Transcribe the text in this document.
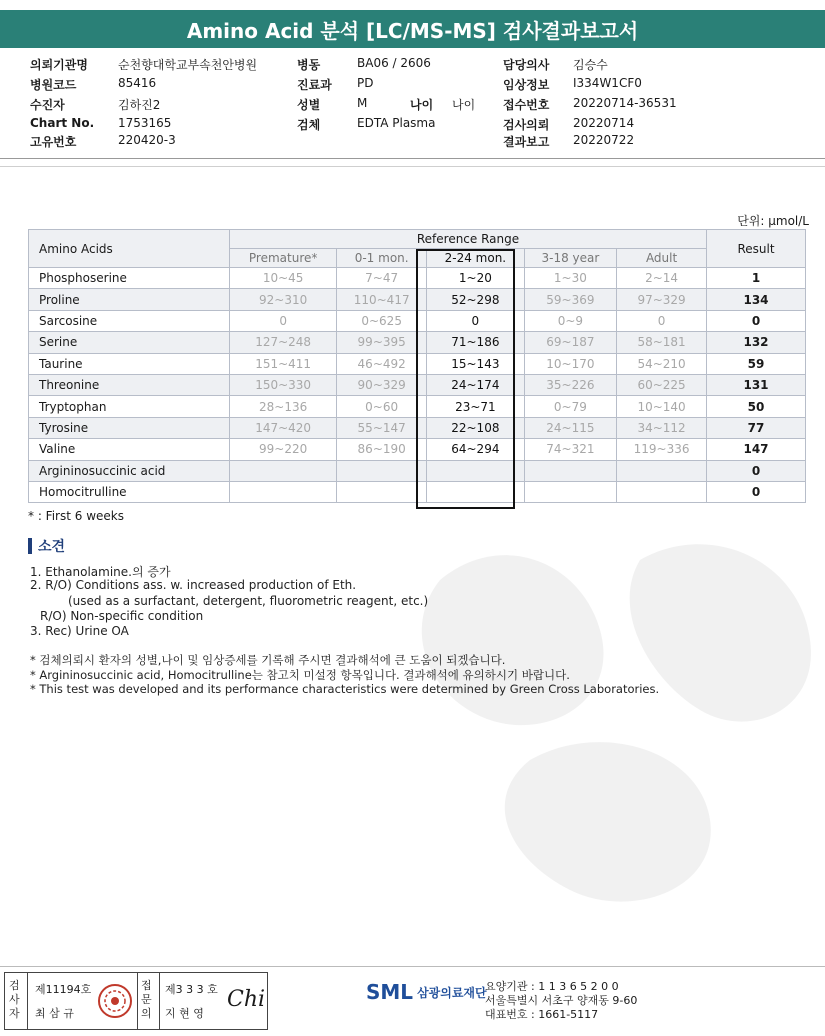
Amino Acid 분석 [LC/MS-MS] 검사결과보고서
의뢰기관명	순천향대학교부속천안병원
병원코드	85416
수진자	김하진2
Chart No. 1753165
고유번호	220420-3
병동	BA06 / 2606
진료과 PD
성별	M	나이 나이
검체	EDTA Plasma
담당의사 김승수
임상정보 I334W1CF0
접수번호 20220714-36531
검사의뢰 20220714
결과보고 20220722
단위: μmol/L
Amino Acids	Reference Range					Result
	Premature*	0-1 mon.	2-24 mon.	3-18 year	Adult	
Phosphoserine	10~45	7~47	1~20	1~30	2~14	1
Proline	92~310	110~417	52~298	59~369	97~329	134
Sarcosine	0	0~625	0	0~9	0	0
Serine	127~248	99~395	71~186	69~187	58~181	132
Taurine	151~411	46~492	15~143	10~170	54~210	59
Threonine	150~330	90~329	24~174	35~226	60~225	131
Tryptophan	28~136	0~60	23~71	0~79	10~140	50
Tyrosine	147~420	55~147	22~108	24~115	34~112	77
Valine	99~220	86~190	64~294	74~321	119~336	147
Argininosuccinic acid						0
Homocitrulline						0
* : First 6 weeks
소견
1. Ethanolamine.의 증가
2. R/O) Conditions ass. w. increased production of Eth.
(used as a surfactant, detergent, fluorometric reagent, etc.)
R/O) Non-specific condition
3. Rec) Urine OA
* 검체의뢰시 환자의 성별,나이 및 임상증세를 기록해 주시면 결과해석에 큰 도움이 되겠습니다.
* Argininosuccinic acid, Homocitrulline는 참고치 미설정 항목입니다. 결과해석에 유의하시기 바랍니다.
* This test was developed and its performance characteristics were determined by Green Cross Laboratories.
검사자
제11194호
최 삼 규
접문의
제3 3 3 호
지 현 영
Chi	SML 삼광의료재단
요양기관 : 1 1 3 6 5 2 0 0
서울특별시 서초구 양재동 9-60
대표번호 : 1661-5117
